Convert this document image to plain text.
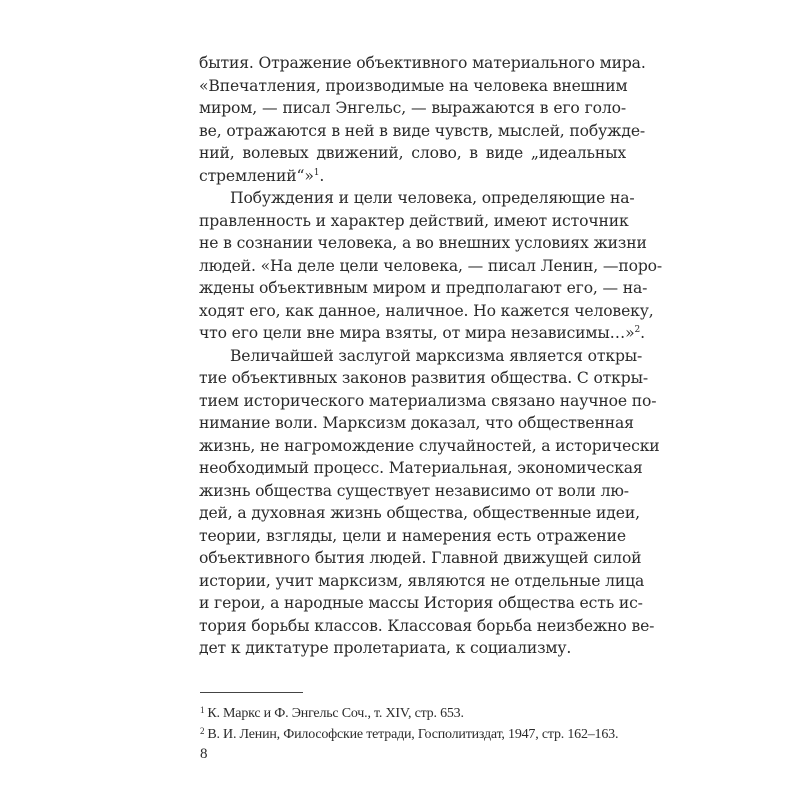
бытия. Отражение объективного материального мира.
«Впечатления, производимые на человека внешним
миром, — писал Энгельс, — выражаются в его голо-
ве, отражаются в ней в виде чувств, мыслей, побужде-
ний, волевых движений, слово, в виде „идеальных
стремлений“»$^1$.
Побуждения и цели человека, определяющие на-
правленность и характер действий, имеют источник
не в сознании человека, а во внешних условиях жизни
людей. «На деле цели человека, — писал Ленин, —поро-
ждены объективным миром и предполагают его, — на-
ходят его, как данное, наличное. Но кажется человеку,
что его цели вне мира взяты, от мира независимы…»$^2$.
Величайшей заслугой марксизма является откры-
тие объективных законов развития общества. С откры-
тием исторического материализма связано научное по-
нимание воли. Марксизм доказал, что общественная
жизнь, не нагромождение случайностей, а исторически
необходимый процесс. Материальная, экономическая
жизнь общества существует независимо от воли лю-
дей, а духовная жизнь общества, общественные идеи,
теории, взгляды, цели и намерения есть отражение
объективного бытия людей. Главной движущей силой
истории, учит марксизм, являются не отдельные лица
и герои, а народные массы История общества есть ис-
тория борьбы классов. Классовая борьба неизбежно ве-
дет к диктатуре пролетариата, к социализму.
$^1$ К. Маркс и Ф. Энгельс Соч., т. XIV, стр. 653.
$^2$ В. И. Ленин, Философские тетради, Госполитиздат, 1947, стр. 162–163.
8
